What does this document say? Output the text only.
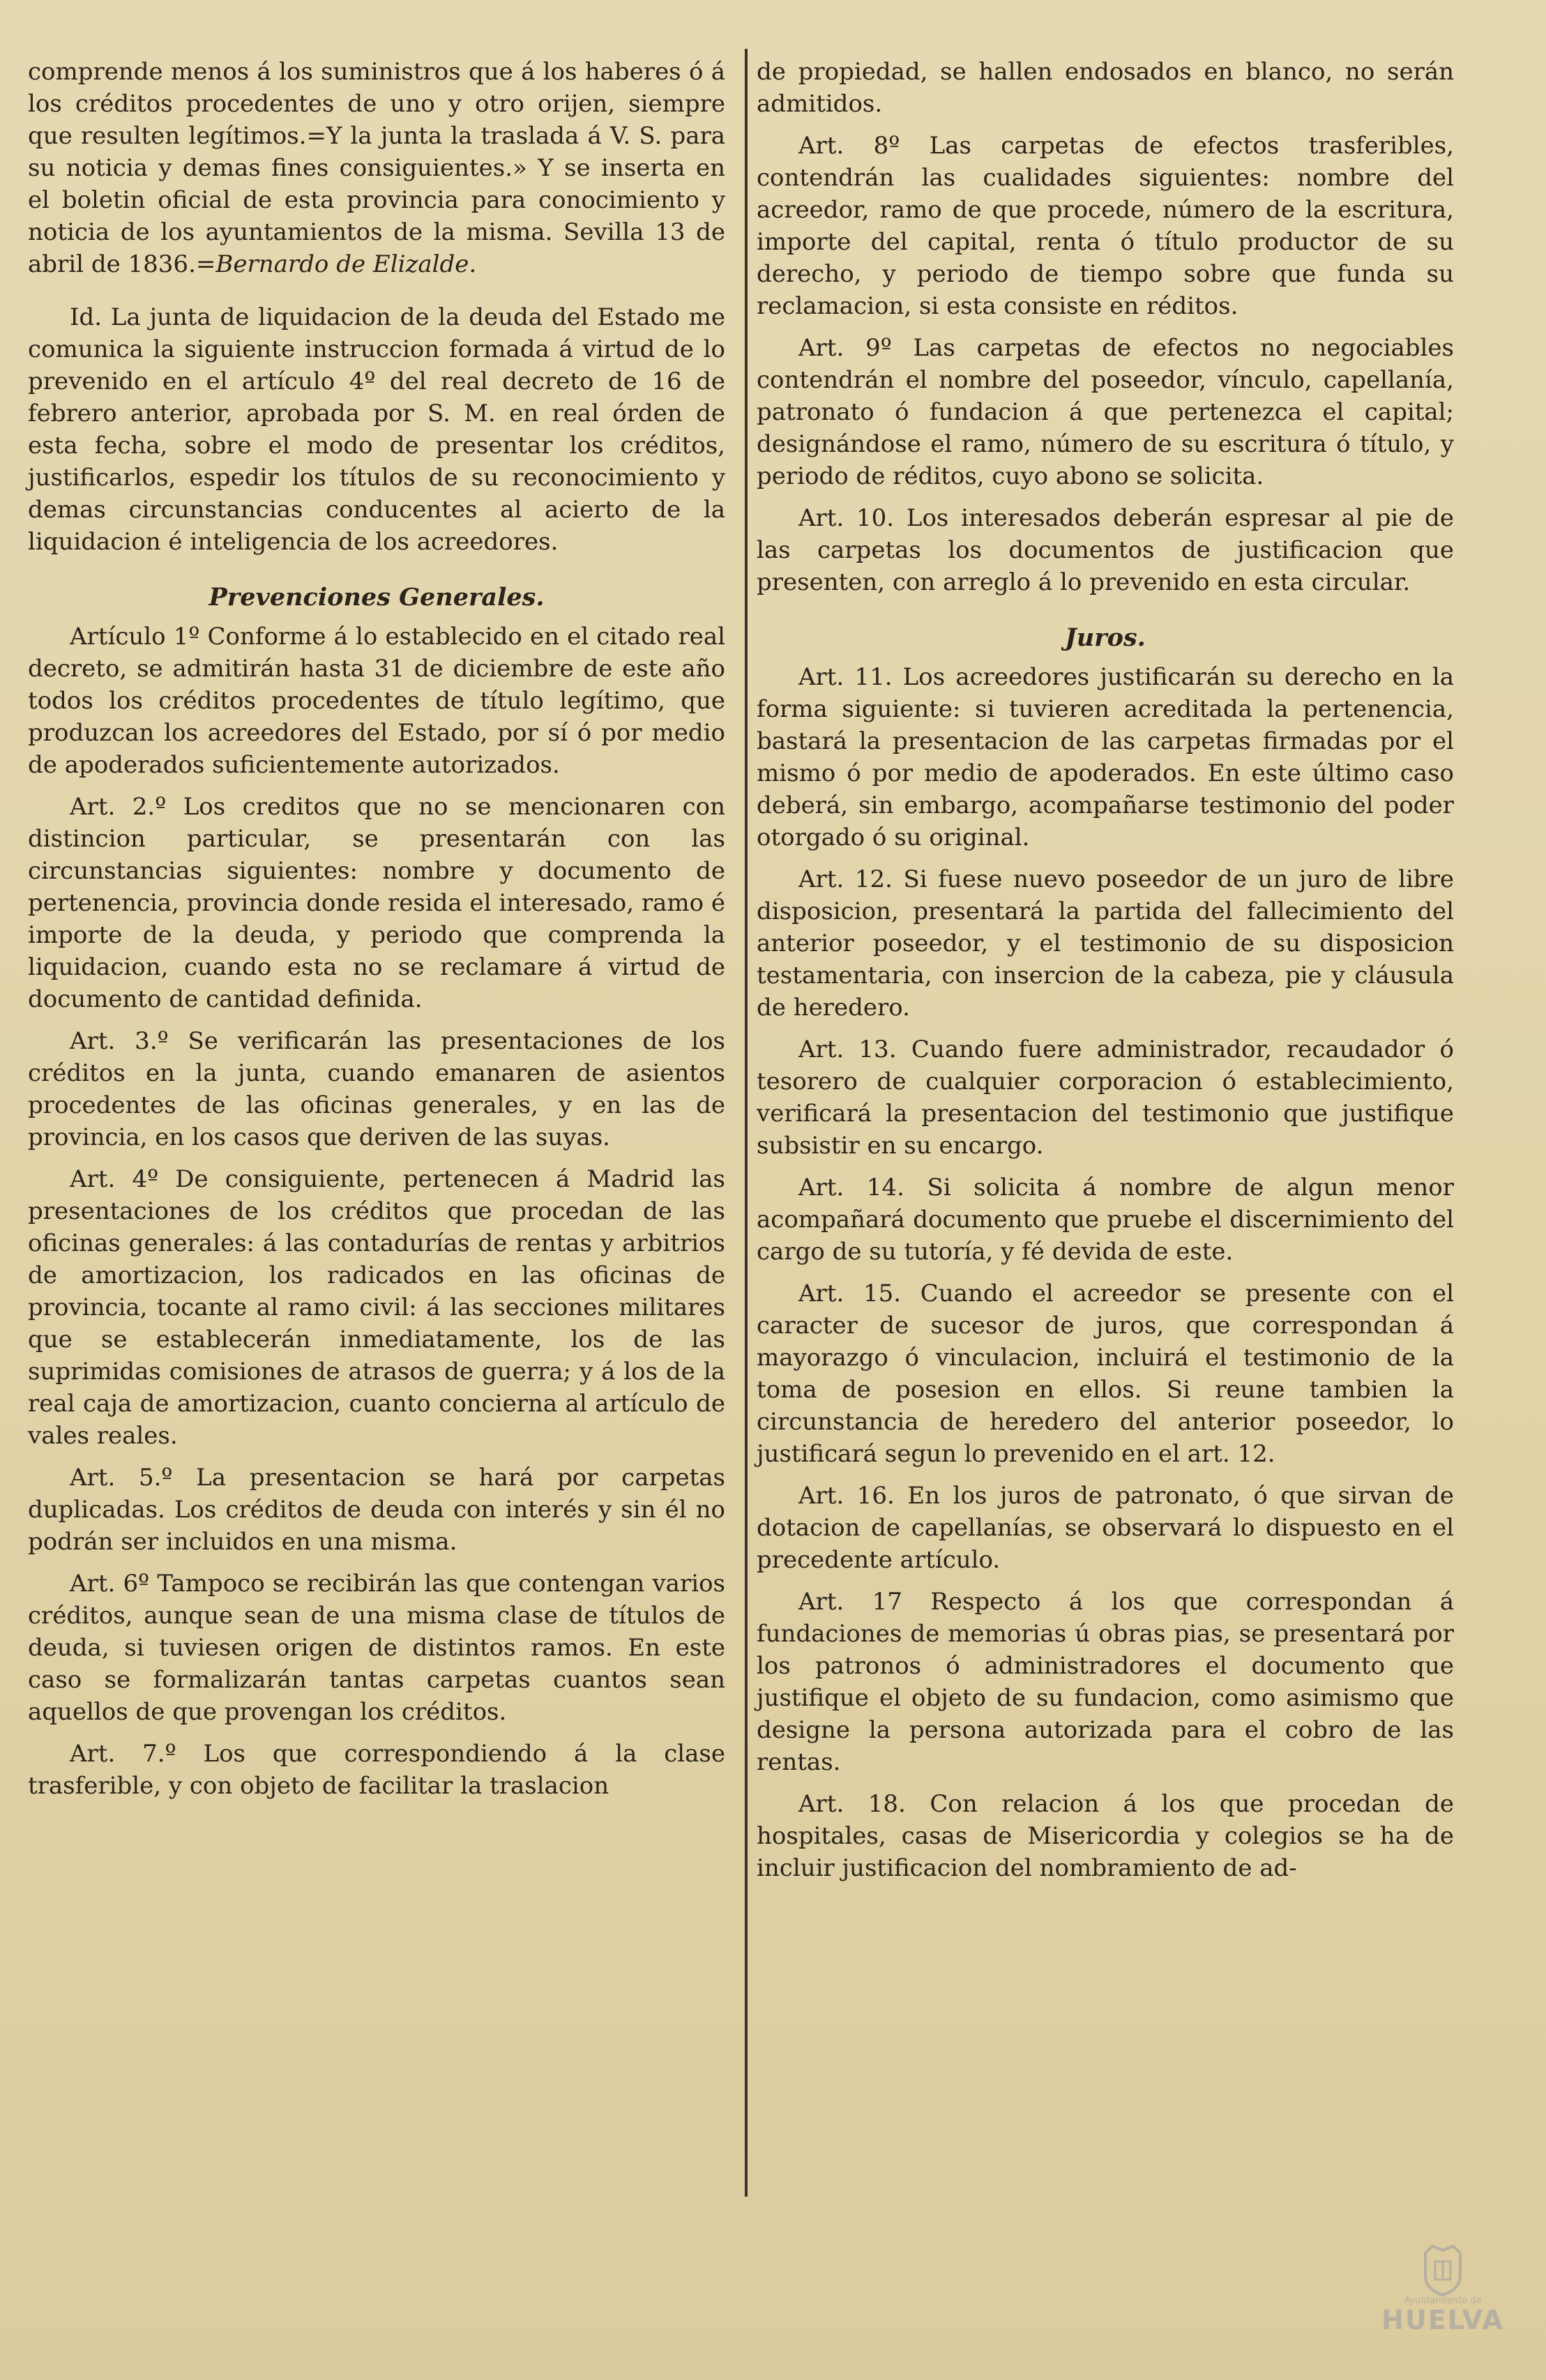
comprende menos á los suministros que á los haberes ó á los créditos procedentes de uno y otro orijen, siempre que resulten legítimos.=Y la junta la traslada á V. S. para su noticia y demas fines consiguientes.» Y se inserta en el boletin oficial de esta provincia para conocimiento y noticia de los ayuntamientos de la misma. Sevilla 13 de abril de 1836.=Bernardo de Elizalde.

Id. La junta de liquidacion de la deuda del Estado me comunica la siguiente instruccion formada á virtud de lo prevenido en el artículo 4º del real decreto de 16 de febrero anterior, aprobada por S. M. en real órden de esta fecha, sobre el modo de presentar los créditos, justificarlos, espedir los títulos de su reconocimiento y demas circunstancias conducentes al acierto de la liquidacion é inteligencia de los acreedores.

Prevenciones Generales.

Artículo 1º Conforme á lo establecido en el citado real decreto, se admitirán hasta 31 de diciembre de este año todos los créditos procedentes de título legítimo, que produzcan los acreedores del Estado, por sí ó por medio de apoderados suficientemente autorizados.

Art. 2.º Los creditos que no se mencionaren con distincion particular, se presentarán con las circunstancias siguientes: nombre y documento de pertenencia, provincia donde resida el interesado, ramo é importe de la deuda, y periodo que comprenda la liquidacion, cuando esta no se reclamare á virtud de documento de cantidad definida.

Art. 3.º Se verificarán las presentaciones de los créditos en la junta, cuando emanaren de asientos procedentes de las oficinas generales, y en las de provincia, en los casos que deriven de las suyas.

Art. 4º De consiguiente, pertenecen á Madrid las presentaciones de los créditos que procedan de las oficinas generales: á las contadurías de rentas y arbitrios de amortizacion, los radicados en las oficinas de provincia, tocante al ramo civil: á las secciones militares que se establecerán inmediatamente, los de las suprimidas comisiones de atrasos de guerra; y á los de la real caja de amortizacion, cuanto concierna al artículo de vales reales.

Art. 5.º La presentacion se hará por carpetas duplicadas. Los créditos de deuda con interés y sin él no podrán ser incluidos en una misma.

Art. 6º Tampoco se recibirán las que contengan varios créditos, aunque sean de una misma clase de títulos de deuda, si tuviesen origen de distintos ramos. En este caso se formalizarán tantas carpetas cuantos sean aquellos de que provengan los créditos.

Art. 7.º Los que correspondiendo á la clase trasferible, y con objeto de facilitar la traslacion

de propiedad, se hallen endosados en blanco, no serán admitidos.

Art. 8º Las carpetas de efectos trasferibles, contendrán las cualidades siguientes: nombre del acreedor, ramo de que procede, número de la escritura, importe del capital, renta ó título productor de su derecho, y periodo de tiempo sobre que funda su reclamacion, si esta consiste en réditos.

Art. 9º Las carpetas de efectos no negociables contendrán el nombre del poseedor, vínculo, capellanía, patronato ó fundacion á que pertenezca el capital; designándose el ramo, número de su escritura ó título, y periodo de réditos, cuyo abono se solicita.

Art. 10. Los interesados deberán espresar al pie de las carpetas los documentos de justificacion que presenten, con arreglo á lo prevenido en esta circular.

Juros.

Art. 11. Los acreedores justificarán su derecho en la forma siguiente: si tuvieren acreditada la pertenencia, bastará la presentacion de las carpetas firmadas por el mismo ó por medio de apoderados. En este último caso deberá, sin embargo, acompañarse testimonio del poder otorgado ó su original.

Art. 12. Si fuese nuevo poseedor de un juro de libre disposicion, presentará la partida del fallecimiento del anterior poseedor, y el testimonio de su disposicion testamentaria, con insercion de la cabeza, pie y cláusula de heredero.

Art. 13. Cuando fuere administrador, recaudador ó tesorero de cualquier corporacion ó establecimiento, verificará la presentacion del testimonio que justifique subsistir en su encargo.

Art. 14. Si solicita á nombre de algun menor acompañará documento que pruebe el discernimiento del cargo de su tutoría, y fé devida de este.

Art. 15. Cuando el acreedor se presente con el caracter de sucesor de juros, que correspondan á mayorazgo ó vinculacion, incluirá el testimonio de la toma de posesion en ellos. Si reune tambien la circunstancia de heredero del anterior poseedor, lo justificará segun lo prevenido en el art. 12.

Art. 16. En los juros de patronato, ó que sirvan de dotacion de capellanías, se observará lo dispuesto en el precedente artículo.

Art. 17 Respecto á los que correspondan á fundaciones de memorias ú obras pias, se presentará por los patronos ó administradores el documento que justifique el objeto de su fundacion, como asimismo que designe la persona autorizada para el cobro de las rentas.

Art. 18. Con relacion á los que procedan de hospitales, casas de Misericordia y colegios se ha de incluir justificacion del nombramiento de ad-

Ayuntamiento de
HUELVA
